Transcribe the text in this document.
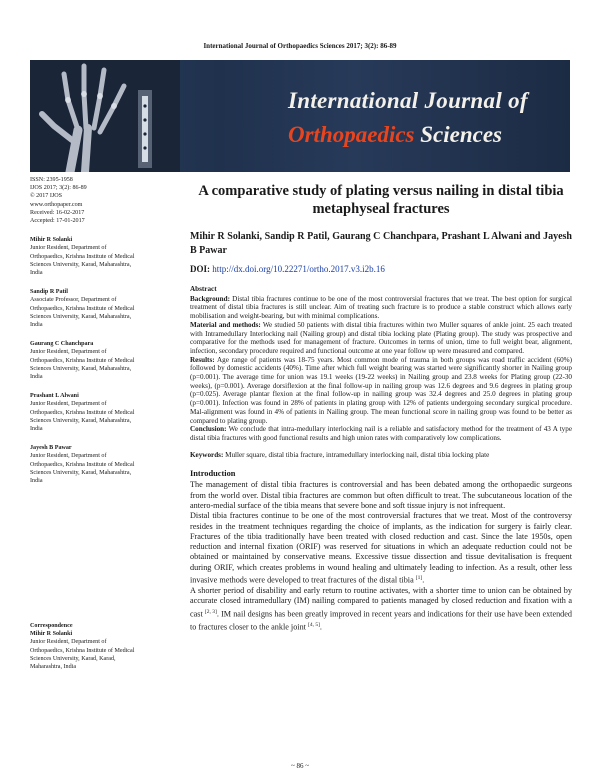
International Journal of Orthopaedics Sciences 2017; 3(2): 86-89
International Journal of
Orthopaedics Sciences
ISSN: 2395-1958
IJOS 2017; 3(2): 86-89
© 2017 IJOS
www.orthopaper.com
Received: 16-02-2017
Accepted: 17-01-2017
Mihir R Solanki
Junior Resident, Department of Orthopaedics, Krishna Institute of Medical Sciences University, Karad, Maharashtra, India
Sandip R Patil
Associate Professor, Department of Orthopaedics, Krishna Institute of Medical Sciences University, Karad, Maharashtra, India
Gaurang C Chanchpara
Junior Resident, Department of Orthopaedics, Krishna Institute of Medical Sciences University, Karad, Maharashtra, India
Prashant L Alwani
Junior Resident, Department of Orthopaedics, Krishna Institute of Medical Sciences University, Karad, Maharashtra, India
Jayesh B Pawar
Junior Resident, Department of Orthopaedics, Krishna Institute of Medical Sciences University, Karad, Maharashtra, India
Correspondence
Mihir R Solanki
Junior Resident, Department of Orthopaedics, Krishna Institute of Medical Sciences University, Karad, Karad, Maharashtra, India
A comparative study of plating versus nailing in distal tibia metaphyseal fractures
Mihir R Solanki, Sandip R Patil, Gaurang C Chanchpara, Prashant L Alwani and Jayesh B Pawar
DOI: http://dx.doi.org/10.22271/ortho.2017.v3.i2b.16
Abstract

Background: Distal tibia fractures continue to be one of the most controversial fractures that we treat. The best option for surgical treatment of distal tibia fractures is still unclear. Aim of treating such fracture is to produce a stable construct which allows early mobilisation and weight-bearing, but with minimal complications.

Material and methods: We studied 50 patients with distal tibia fractures within two Muller squares of ankle joint. 25 each treated with Intramedullary Interlocking nail (Nailing group) and distal tibia locking plate (Plating group). The study was prospective and comparative for the methods used for management of fracture. Outcomes in terms of union, time to full weight bear, alignment, infection, secondary procedure required and functional outcome at one year follow up were measured and compared.

Results: Age range of patients was 18-75 years. Most common mode of trauma in both groups was road traffic accident (60%) followed by domestic accidents (40%). Time after which full weight bearing was started were significantly shorter in Nailing group (p=0.001). The average time for union was 19.1 weeks (19-22 weeks) in Nailing group and 23.8 weeks for Plating group (22-30 weeks), (p=0.001). Average dorsiflexion at the final follow-up in nailing group was 12.6 degrees and 9.6 degrees in plating group (p=0.025). Average plantar flexion at the final follow-up in nailing group was 32.4 degrees and 25.0 degrees in plating group (p=0.001). Infection was found in 28% of patients in plating group with 12% of patients undergoing secondary surgical procedure. Mal-alignment was found in 4% of patients in Nailing group. The mean functional score in nailing group was found to be better as compared to plating group.

Conclusion: We conclude that intra-medullary interlocking nail is a reliable and satisfactory method for the treatment of 43 A type distal tibia fractures with good functional results and high union rates with comparatively low complications.

Keywords: Muller square, distal tibia fracture, intramedullary interlocking nail, distal tibia locking plate
Introduction

The management of distal tibia fractures is controversial and has been debated among the orthopaedic surgeons from the world over. Distal tibia fractures are common but often difficult to treat. The subcutaneous location of the antero-medial surface of the tibia means that severe bone and soft tissue injury is not infrequent.

Distal tibia fractures continue to be one of the most controversial fractures that we treat. Most of the controversy resides in the treatment techniques regarding the choice of implants, as the indication for surgery is fairly clear. Fractures of the tibia traditionally have been treated with closed reduction and cast. Since the late 1950s, open reduction and internal fixation (ORIF) was reserved for situations in which an adequate reduction could not be obtained or maintained by conservative means. Excessive tissue dissection and tissue devitalisation is frequent during ORIF, which creates problems in wound healing and ultimately leading to infection. As a result, other less invasive methods were developed to treat fractures of the distal tibia [1].

A shorter period of disability and early return to routine activates, with a shorter time to union can be obtained by accurate closed intramedullary (IM) nailing compared to patients managed by closed reduction and fixation with a cast [2, 3]. IM nail designs has been greatly improved in recent years and indications for their use have been extended to fractures closer to the ankle joint [4, 5].

~ 86 ~
